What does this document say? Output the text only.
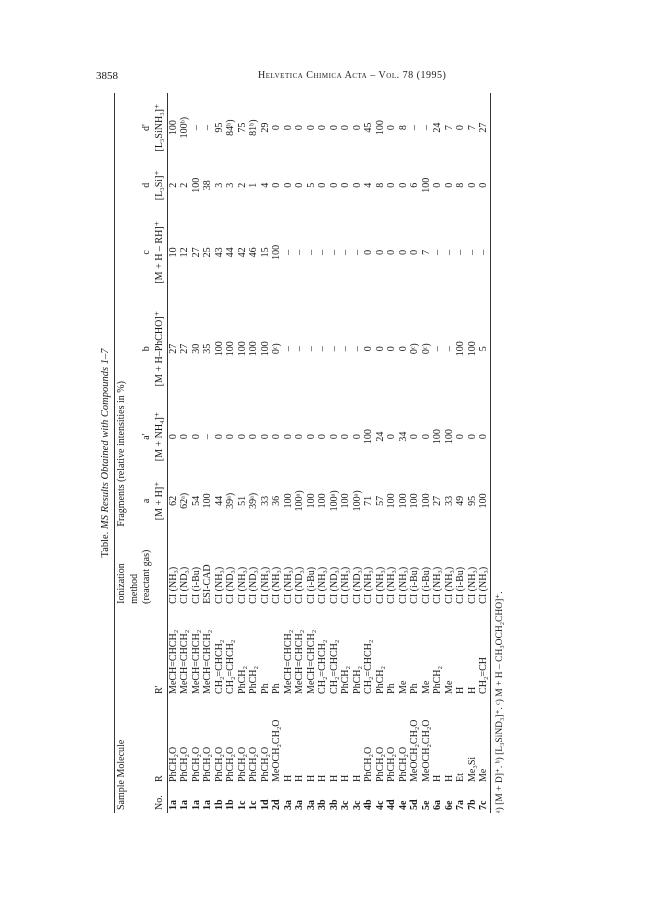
3858	Helvetica Chimica Acta – Vol. 78 (1995)
Table. MS Results Obtained with Compounds 1–7
Sample Molecule			Ionization	Fragments (relative intensities in %)					
			method						
			(reactant gas)	a	a'	b	c	d	d'
No.	R	R'		[M + H]⁺	[M + NH₄]⁺	[M + H–PhCHO]⁺	[M + H – RH]⁺	[L₃Si]⁺	[L₃SiNH₃]⁺
1a	PhCH₂O	MeCH=CHCH₂	CI (NH₃)	62	0	27	10	2	100
1a	PhCH₂O	MeCH=CHCH₂	CI (ND₃)	62ᵃ)	0	27	12	2	100ᵇ)
1a	PhCH₂O	MeCH=CHCH₂	CI (i-Bu)	54	0	30	27	100	–
1a	PhCH₂O	MeCH=CHCH₂	ESI-CAD	100	–	35	25	38	–
1b	PhCH₂O	CH₂=CHCH₂	CI (NH₃)	44	0	100	43	3	95
1b	PhCH₂O	CH₂=CHCH₂	CI (ND₃)	39ᵃ)	0	100	44	3	84ᵇ)
1c	PhCH₂O	PhCH₂	CI (NH₃)	51	0	100	42	2	75
1c	PhCH₂O	PhCH₂	CI (ND₃)	39ᵃ)	0	100	46	1	81ᵇ)
1d	PhCH₂O	Ph	CI (NH₃)	33	0	100	15	4	29
2d	MeOCH₂CH₂O	Ph	CI (NH₃)	36	0	0ᶜ)	100	0	0
3a	H	MeCH=CHCH₂	CI (NH₃)	100	0	–	–	0	0
3a	H	MeCH=CHCH₂	CI (ND₃)	100ᵃ)	0	–	–	0	0
3a	H	MeCH=CHCH₂	CI (i-Bu)	100	0	–	–	5	0
3b	H	CH₂=CHCH₂	CI (NH₃)	100	0	–	–	0	0
3b	H	CH₂=CHCH₂	CI (ND₃)	100ᵃ)	0	–	–	0	0
3c	H	PhCH₂	CI (NH₃)	100	0	–	–	0	0
3c	H	PhCH₂	CI (ND₃)	100ᵃ)	0	–	–	0	0
4b	PhCH₂O	CH₂=CHCH₂	CI (NH₃)	71	100	0	0	4	45
4c	PhCH₂O	PhCH₂	CI (NH₃)	57	24	0	0	8	100
4d	PhCH₂O	Ph	CI (NH₃)	100	0	0	0	0	0
4e	PhCH₂O	Me	CI (NH₃)	100	34	0	0	0	8
5d	MeOCH₂CH₂O	Ph	CI (i-Bu)	100	0	0ᶜ)	0	6	–
5e	MeOCH₂CH₂O	Me	CI (i-Bu)	100	0	0ᶜ)	7	100	–
6a	H	PhCH₂	CI (NH₃)	27	100	–	–	0	24
6e	H	Me	CI (NH₃)	33	100	–	–	0	7
7a	Et	H	CI (i-Bu)	49	0	100	–	8	0
7b	Me₃Si	H	CI (NH₃)	95	0	100	–	0	7
7c	Me	CH₂=CH	CI (NH₃)	100	0	5	–	0	27
ᵃ) [M + D]⁺. ᵇ) [L₃SiND₃]⁺. ᶜ) M + H – CH₃OCH₂CHO]⁺.
